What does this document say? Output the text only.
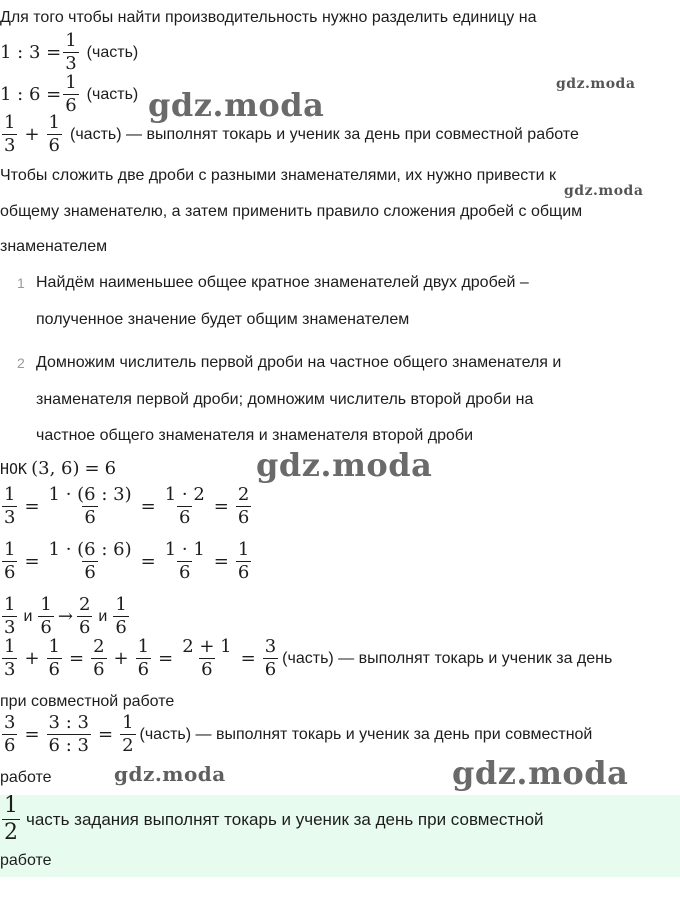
Для того чтобы найти производительность нужно разделить единицу на
1 : $3 = \frac{1}{3}$ (часть)
1 : $6 = \frac{1}{6}$ (часть)
$\frac{1}{3} + \frac{1}{6}$ (часть) — выполнят токарь и ученик за день при совместной работе
Чтобы сложить две дроби с разными знаменателями, их нужно привести к
общему знаменателю, а затем применить правило сложения дробей с общим
знаменателем
1 Найдём наименьшее общее кратное знаменателей двух дробей –
полученное значение будет общим знаменателем
2 Домножим числитель первой дроби на частное общего знаменателя и
знаменателя первой дроби; домножим числитель второй дроби на
частное общего знаменателя и знаменателя второй дроби
НОК (3, 6) = 6
$\frac{1}{3} = \frac{1 \cdot (6 : 3)}{6} = \frac{1 \cdot 2}{6} = \frac{2}{6}$
$\frac{1}{6} = \frac{1 \cdot (6 : 6)}{6} = \frac{1 \cdot 1}{6} = \frac{1}{6}$
$\frac{1}{3}$ и $\frac{1}{6} \to \frac{2}{6}$ и $\frac{1}{6}$
$\frac{1}{3} + \frac{1}{6} = \frac{2}{6} + \frac{1}{6} = \frac{2 + 1}{6} = \frac{3}{6}$ (часть) — выполнят токарь и ученик за день
при совместной работе
$\frac{3}{6} = \frac{3 : 3}{6 : 3} = \frac{1}{2}$ (часть) — выполнят токарь и ученик за день при совместной
работе
$\frac{1}{2}$ часть задания выполнят токарь и ученик за день при совместной
работе
gdz.moda
gdz.moda
gdz.moda
gdz.moda
gdz.moda	gdz.moda
